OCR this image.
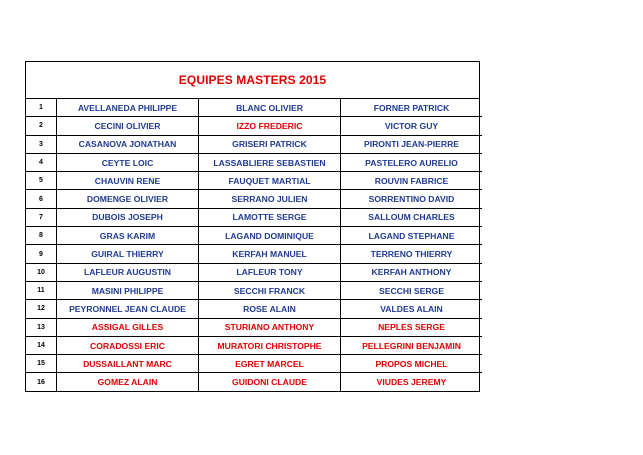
EQUIPES MASTERS 2015
1	AVELLANEDA PHILIPPE	BLANC OLIVIER	FORNER PATRICK
2	CECINI OLIVIER	IZZO FREDERIC	VICTOR GUY
3	CASANOVA JONATHAN	GRISERI PATRICK	PIRONTI JEAN-PIERRE
4	CEYTE LOIC	LASSABLIERE SEBASTIEN	PASTELERO AURELIO
5	CHAUVIN RENE	FAUQUET MARTIAL	ROUVIN FABRICE
6	DOMENGE OLIVIER	SERRANO JULIEN	SORRENTINO DAVID
7	DUBOIS JOSEPH	LAMOTTE SERGE	SALLOUM CHARLES
8	GRAS KARIM	LAGAND DOMINIQUE	LAGAND STEPHANE
9	GUIRAL THIERRY	KERFAH MANUEL	TERRENO THIERRY
10	LAFLEUR AUGUSTIN	LAFLEUR TONY	KERFAH ANTHONY
11	MASINI PHILIPPE	SECCHI FRANCK	SECCHI SERGE
12	PEYRONNEL JEAN CLAUDE	ROSE ALAIN	VALDES ALAIN
13	ASSIGAL GILLES	STURIANO ANTHONY	NEPLES SERGE
14	CORADOSSI ERIC	MURATORI CHRISTOPHE	PELLEGRINI BENJAMIN
15	DUSSAILLANT MARC	EGRET MARCEL	PROPOS MICHEL
16	GOMEZ ALAIN	GUIDONI CLAUDE	VIUDES JEREMY
